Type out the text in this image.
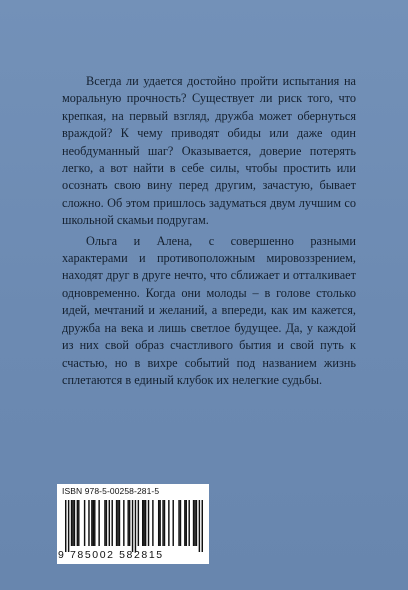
Всегда ли удается достойно пройти испытания на моральную прочность? Существует ли риск того, что крепкая, на первый взгляд, дружба может обернуться враждой? К чему приводят обиды или даже один необдуманный шаг? Оказывается, доверие потерять легко, а вот найти в себе силы, чтобы простить или осознать свою вину перед другим, зачастую, бывает сложно. Об этом пришлось задуматься двум лучшим со школьной скамьи подругам.

Ольга и Алена, с совершенно разными характерами и противоположным мировоззрением, находят друг в друге нечто, что сближает и отталкивает одновременно. Когда они молоды – в голове столько идей, мечтаний и желаний, а впереди, как им кажется, дружба на века и лишь светлое будущее. Да, у каждой из них свой образ счастливого бытия и свой путь к счастью, но в вихре событий под названием жизнь сплетаются в единый клубок их нелегкие судьбы.

ISBN 978-5-00258-281-5
9 785002 582815
